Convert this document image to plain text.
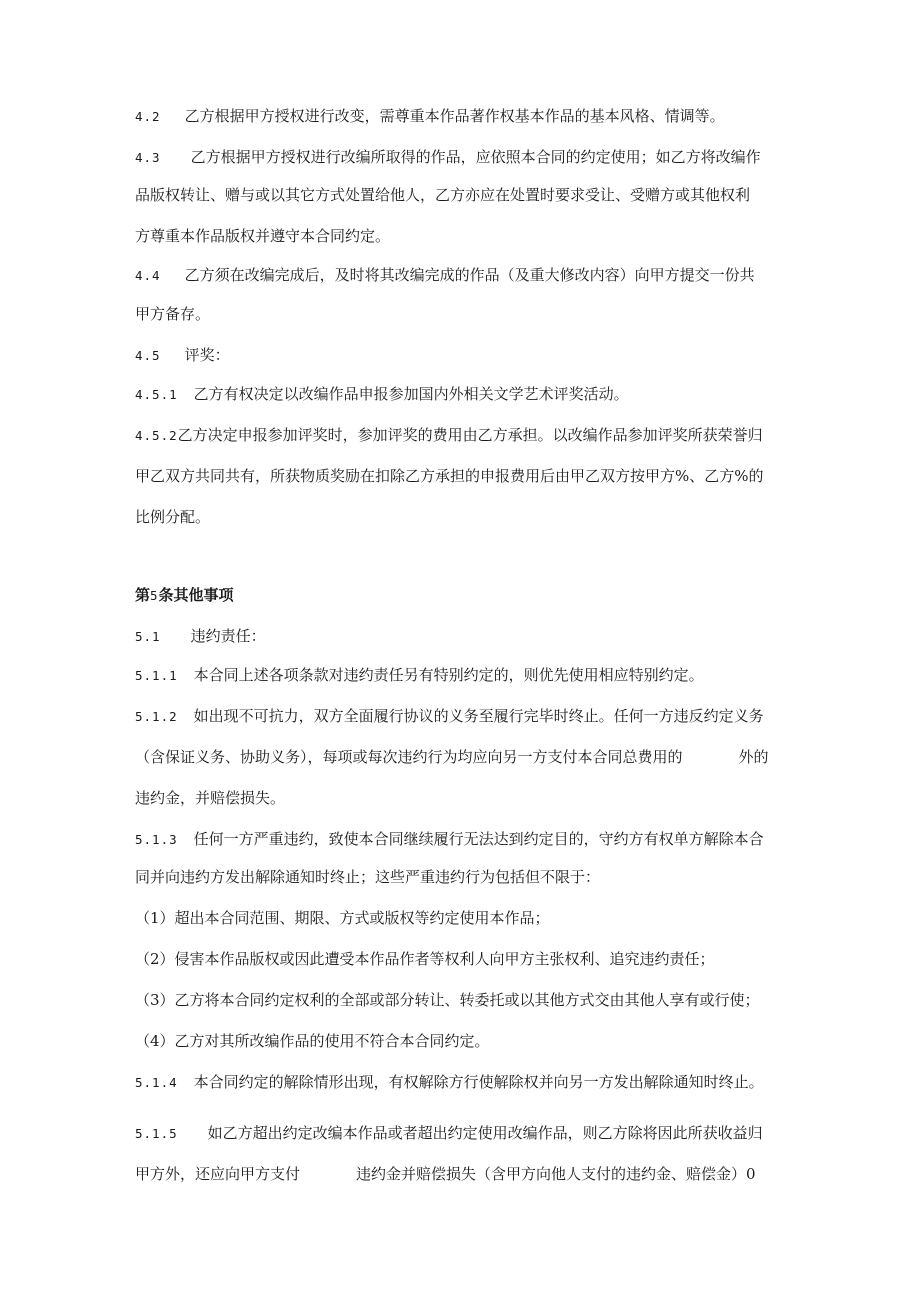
4.2 乙方根据甲方授权进行改变，需尊重本作品著作权基本作品的基本风格、情调等。
4.3 乙方根据甲方授权进行改编所取得的作品，应依照本合同的约定使用；如乙方将改编作
品版权转让、赠与或以其它方式处置给他人，乙方亦应在处置时要求受让、受赠方或其他权利
方尊重本作品版权并遵守本合同约定。
4.4 乙方须在改编完成后，及时将其改编完成的作品（及重大修改内容）向甲方提交一份共
甲方备存。
4.5 评奖：
4.5.1 乙方有权决定以改编作品申报参加国内外相关文学艺术评奖活动。
4.5.2乙方决定申报参加评奖时，参加评奖的费用由乙方承担。以改编作品参加评奖所获荣誉归
甲乙双方共同共有，所获物质奖励在扣除乙方承担的申报费用后由甲乙双方按甲方%、乙方%的
比例分配。
第5条其他事项
5.1 违约责任：
5.1.1 本合同上述各项条款对违约责任另有特别约定的，则优先使用相应特别约定。
5.1.2 如出现不可抗力，双方全面履行协议的义务至履行完毕时终止。任何一方违反约定义务
（含保证义务、协助义务），每项或每次违约行为均应向另一方支付本合同总费用的	外的
违约金，并赔偿损失。
5.1.3 任何一方严重违约，致使本合同继续履行无法达到约定目的，守约方有权单方解除本合
同并向违约方发出解除通知时终止；这些严重违约行为包括但不限于：
（1）超出本合同范围、期限、方式或版权等约定使用本作品；
（2）侵害本作品版权或因此遭受本作品作者等权利人向甲方主张权利、追究违约责任；
（3）乙方将本合同约定权利的全部或部分转让、转委托或以其他方式交由其他人享有或行使；
（4）乙方对其所改编作品的使用不符合本合同约定。
5.1.4 本合同约定的解除情形出现，有权解除方行使解除权并向另一方发出解除通知时终止。
5.1.5 如乙方超出约定改编本作品或者超出约定使用改编作品，则乙方除将因此所获收益归
甲方外，还应向甲方支付	违约金并赔偿损失（含甲方向他人支付的违约金、赔偿金）0
